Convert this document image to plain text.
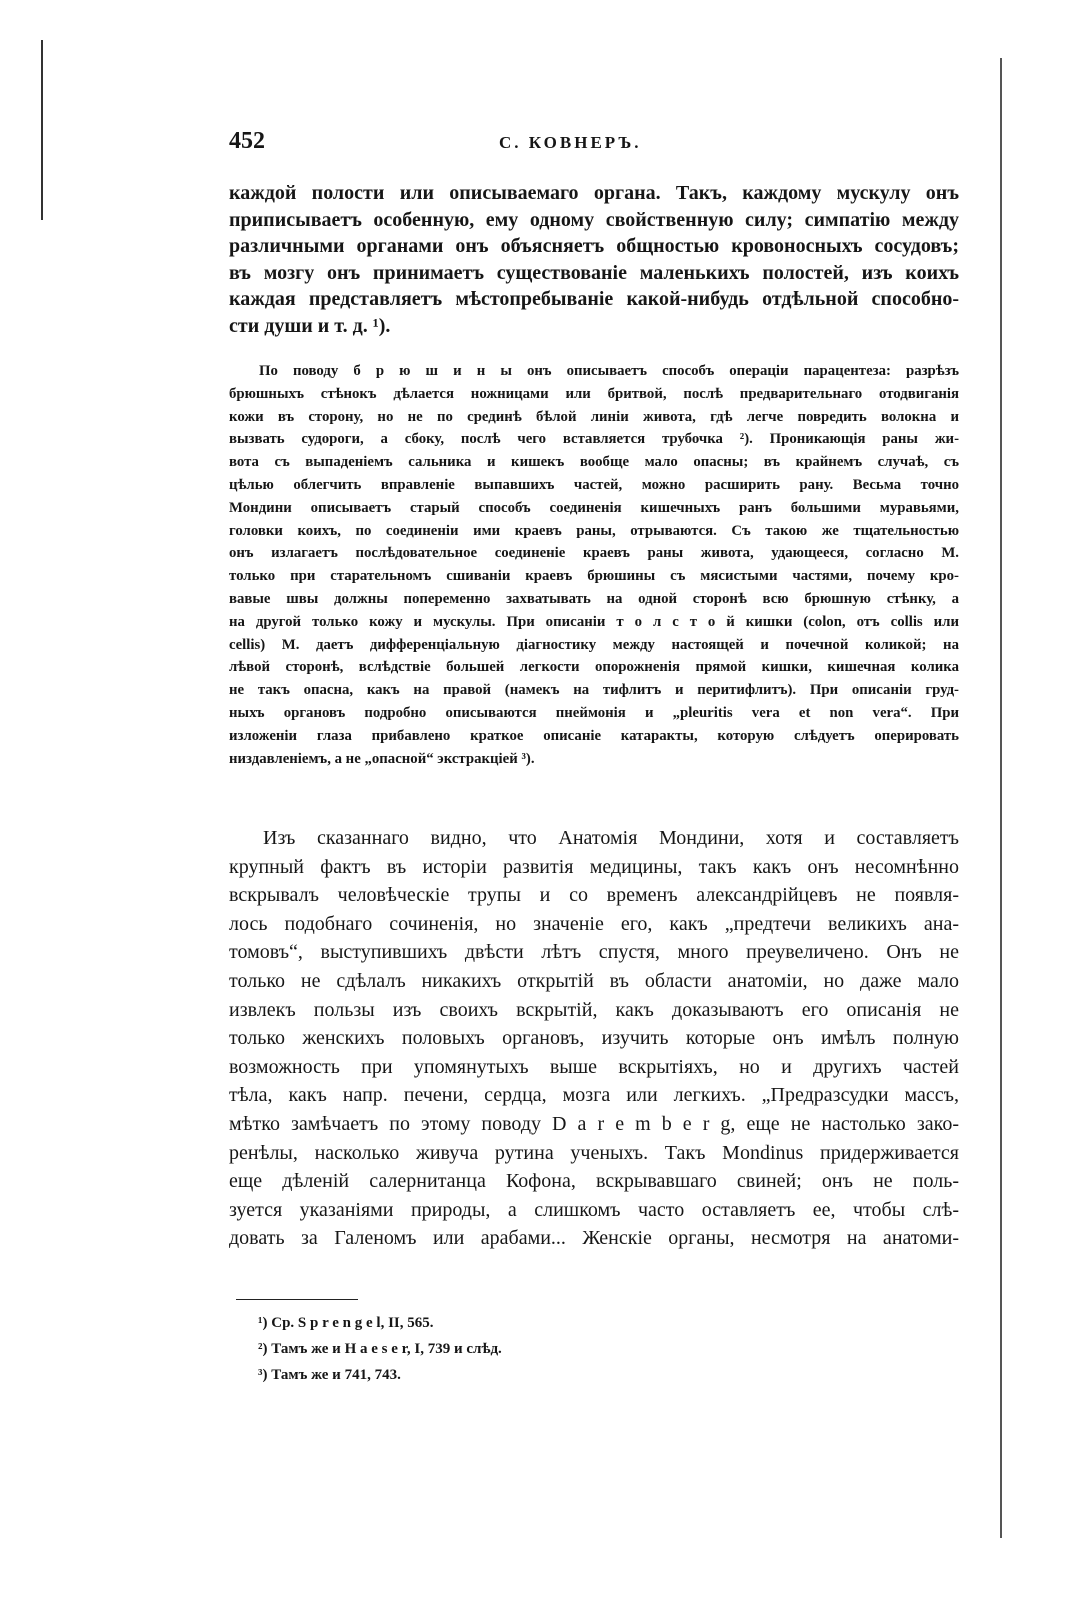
452	С. КОВНЕРЪ.
каждой полости или описываемаго органа. Такъ, каждому мускулу онъ
приписываетъ особенную, ему одному свойственную силу; симпатію между
различными органами онъ объясняетъ общностью кровоносныхъ сосудовъ;
въ мозгу онъ принимаетъ существованіе маленькихъ полостей, изъ коихъ
каждая представляетъ мѣстопребываніе какой-нибудь отдѣльной способно-
сти души и т. д. ¹).
По поводу б р ю ш и н ы онъ описываетъ способъ операціи парацентеза: разрѣзъ
брюшныхъ стѣнокъ дѣлается ножницами или бритвой, послѣ предварительнаго отодвиганія
кожи въ сторону, но не по срединѣ бѣлой линіи живота, гдѣ легче повредить волокна и
вызвать судороги, а сбоку, послѣ чего вставляется трубочка ²). Проникающія раны жи-
вота съ выпаденіемъ сальника и кишекъ вообще мало опасны; въ крайнемъ случаѣ, съ
цѣлью облегчить вправленіе выпавшихъ частей, можно расширить рану. Весьма точно
Мондини описываетъ старый способъ соединенія кишечныхъ ранъ большими муравьями,
головки коихъ, по соединеніи ими краевъ раны, отрываются. Съ такою же тщательностью
онъ излагаетъ послѣдовательное соединеніе краевъ раны живота, удающееся, согласно М.
только при старательномъ сшиваніи краевъ брюшины съ мясистыми частями, почему кро-
вавые швы должны попеременно захватывать на одной сторонѣ всю брюшную стѣнку, а
на другой только кожу и мускулы. При описаніи т о л с т о й кишки (colon, отъ collis или
cellis) М. даетъ дифференціальную діагностику между настоящей и почечной коликой; на
лѣвой сторонѣ, вслѣдствіе большей легкости опорожненія прямой кишки, кишечная колика
не такъ опасна, какъ на правой (намекъ на тифлитъ и перитифлитъ). При описаніи груд-
ныхъ органовъ подробно описываются пнеймонія и „pleuritis vera et non vera“. При
изложеніи глаза прибавлено краткое описаніе катаракты, которую слѣдуетъ оперировать
низдавленіемъ, а не „опасной“ экстракціей ³).
Изъ сказаннаго видно, что Анатомія Мондини, хотя и составляетъ
крупный фактъ въ исторіи развитія медицины, такъ какъ онъ несомнѣнно
вскрывалъ человѣческіе трупы и со временъ александрійцевъ не появля-
лось подобнаго сочиненія, но значеніе его, какъ „предтечи великихъ ана-
томовъ“, выступившихъ двѣсти лѣтъ спустя, много преувеличено. Онъ не
только не сдѣлалъ никакихъ открытій въ области анатоміи, но даже мало
извлекъ пользы изъ своихъ вскрытій, какъ доказываютъ его описанія не
только женскихъ половыхъ органовъ, изучить которые онъ имѣлъ полную
возможность при упомянутыхъ выше вскрытіяхъ, но и другихъ частей
тѣла, какъ напр. печени, сердца, мозга или легкихъ. „Предразсудки массъ,
мѣтко замѣчаетъ по этому поводу D a r e m b e r g, еще не настолько зако-
ренѣлы, насколько живуча рутина ученыхъ. Такъ Mondinus придерживается
еще дѣленій салернитанца Кофона, вскрывавшаго свиней; онъ не поль-
зуется указаніями природы, а слишкомъ часто оставляетъ ее, чтобы слѣ-
довать за Галеномъ или арабами... Женскіе органы, несмотря на анатоми-
¹) Ср. S p r e n g e l, II, 565.
²) Тамъ же и H a e s e r, I, 739 и слѣд.
³) Тамъ же и 741, 743.
